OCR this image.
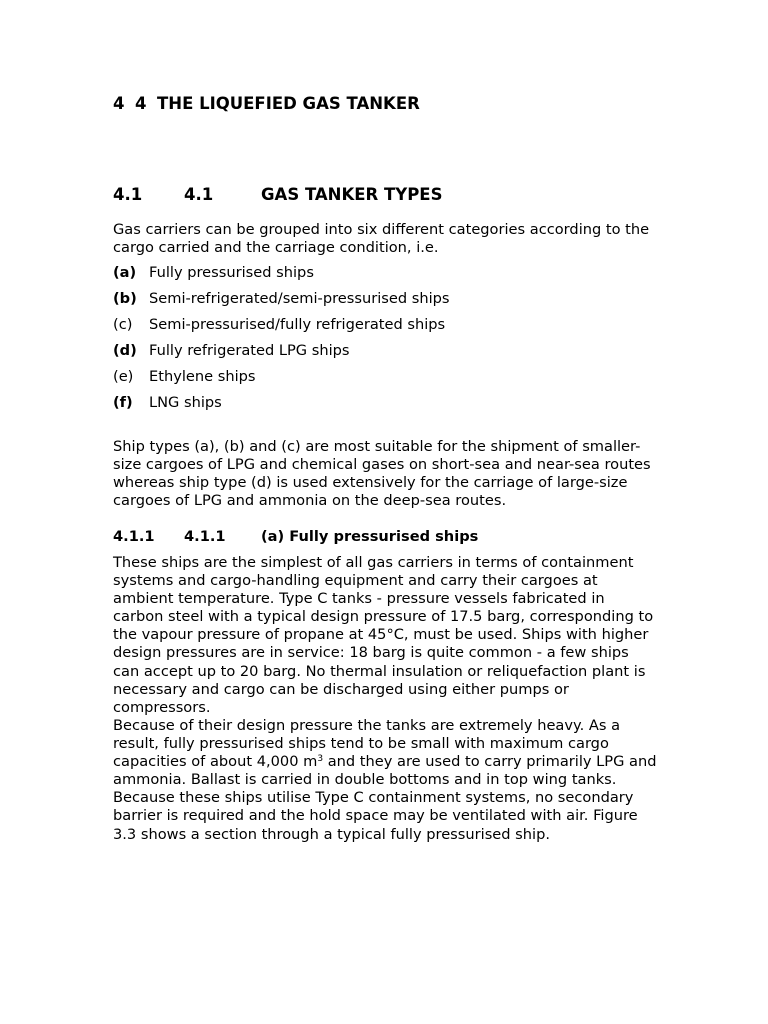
4 4 THE LIQUEFIED GAS TANKER
4.1	4.1	GAS TANKER TYPES
Gas carriers can be grouped into six different categories according to the cargo carried and the carriage condition, i.e.
(a) Fully pressurised ships
(b) Semi-refrigerated/semi-pressurised ships
(c) Semi-pressurised/fully refrigerated ships
(d) Fully refrigerated LPG ships
(e) Ethylene ships
(f) LNG ships
Ship types (a), (b) and (c) are most suitable for the shipment of smaller-size cargoes of LPG and chemical gases on short-sea and near-sea routes whereas ship type (d) is used extensively for the carriage of large-size cargoes of LPG and ammonia on the deep-sea routes.
4.1.1 4.1.1 (a) Fully pressurised ships
These ships are the simplest of all gas carriers in terms of containment systems and cargo-handling equipment and carry their cargoes at ambient temperature. Type C tanks - pressure vessels fabricated in carbon steel with a typical design pressure of 17.5 barg, corresponding to the vapour pressure of propane at 45°C, must be used. Ships with higher design pressures are in service: 18 barg is quite common - a few ships can accept up to 20 barg. No thermal insulation or reliquefaction plant is necessary and cargo can be discharged using either pumps or compressors.
Because of their design pressure the tanks are extremely heavy. As a result, fully pressurised ships tend to be small with maximum cargo capacities of about 4,000 $m^3$ and they are used to carry primarily LPG and ammonia. Ballast is carried in double bottoms and in top wing tanks. Because these ships utilise Type C containment systems, no secondary barrier is required and the hold space may be ventilated with air. Figure 3.3 shows a section through a typical fully pressurised ship.
